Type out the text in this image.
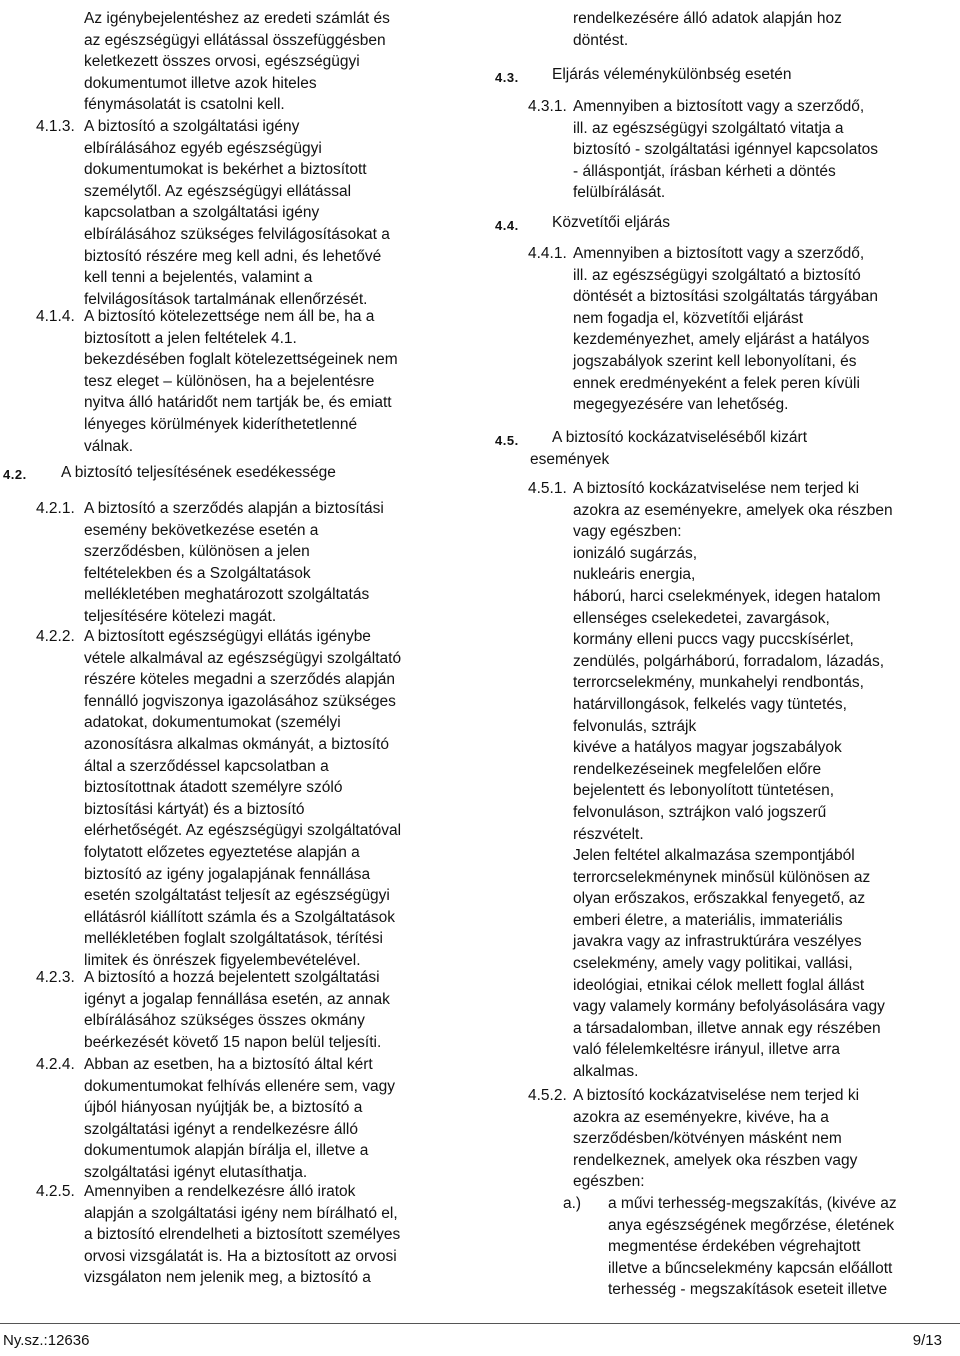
Az igénybejelentéshez az eredeti számlát és
az egészségügyi ellátással összefüggésben
keletkezett összes orvosi, egészségügyi
dokumentumot illetve azok hiteles
fénymásolatát is csatolni kell.
4.1.3. A biztosító a szolgáltatási igény
elbírálásához egyéb egészségügyi
dokumentumokat is bekérhet a biztosított
személytől. Az egészségügyi ellátással
kapcsolatban a szolgáltatási igény
elbírálásához szükséges felvilágosításokat a
biztosító részére meg kell adni, és lehetővé
kell tenni a bejelentés, valamint a
felvilágosítások tartalmának ellenőrzését.
4.1.4. A biztosító kötelezettsége nem áll be, ha a
biztosított a jelen feltételek 4.1.
bekezdésében foglalt kötelezettségeinek nem
tesz eleget – különösen, ha a bejelentésre
nyitva álló határidőt nem tartják be, és emiatt
lényeges körülmények kideríthetetlenné
válnak.
4.2. A biztosító teljesítésének esedékessége
4.2.1. A biztosító a szerződés alapján a biztosítási
esemény bekövetkezése esetén a
szerződésben, különösen a jelen
feltételekben és a Szolgáltatások
mellékletében meghatározott szolgáltatás
teljesítésére kötelezi magát.
4.2.2. A biztosított egészségügyi ellátás igénybe
vétele alkalmával az egészségügyi szolgáltató
részére köteles megadni a szerződés alapján
fennálló jogviszonya igazolásához szükséges
adatokat, dokumentumokat (személyi
azonosításra alkalmas okmányát, a biztosító
által a szerződéssel kapcsolatban a
biztosítottnak átadott személyre szóló
biztosítási kártyát) és a biztosító
elérhetőségét. Az egészségügyi szolgáltatóval
folytatott előzetes egyeztetése alapján a
biztosító az igény jogalapjának fennállása
esetén szolgáltatást teljesít az egészségügyi
ellátásról kiállított számla és a Szolgáltatások
mellékletében foglalt szolgáltatások, térítési
limitek és önrészek figyelembevételével.
4.2.3. A biztosító a hozzá bejelentett szolgáltatási
igényt a jogalap fennállása esetén, az annak
elbírálásához szükséges összes okmány
beérkezését követő 15 napon belül teljesíti.
4.2.4. Abban az esetben, ha a biztosító által kért
dokumentumokat felhívás ellenére sem, vagy
újból hiányosan nyújtják be, a biztosító a
szolgáltatási igényt a rendelkezésre álló
dokumentumok alapján bírálja el, illetve a
szolgáltatási igényt elutasíthatja.
4.2.5. Amennyiben a rendelkezésre álló iratok
alapján a szolgáltatási igény nem bírálható el,
a biztosító elrendelheti a biztosított személyes
orvosi vizsgálatát is. Ha a biztosított az orvosi
vizsgálaton nem jelenik meg, a biztosító a
rendelkezésére álló adatok alapján hoz
döntést.
4.3. Eljárás véleménykülönbség esetén
4.3.1. Amennyiben a biztosított vagy a szerződő,
ill. az egészségügyi szolgáltató vitatja a
biztosító - szolgáltatási igénnyel kapcsolatos
- álláspontját, írásban kérheti a döntés
felülbírálását.
4.4. Közvetítői eljárás
4.4.1. Amennyiben a biztosított vagy a szerződő,
ill. az egészségügyi szolgáltató a biztosító
döntését a biztosítási szolgáltatás tárgyában
nem fogadja el, közvetítői eljárást
kezdeményezhet, amely eljárást a hatályos
jogszabályok szerint kell lebonyolítani, és
ennek eredményeként a felek peren kívüli
megegyezésére van lehetőség.
4.5.	A biztosító kockázatviseléséből kizárt
események
4.5.1. A biztosító kockázatviselése nem terjed ki
azokra az eseményekre, amelyek oka részben
vagy egészben:
ionizáló sugárzás,
nukleáris energia,
háború, harci cselekmények, idegen hatalom
ellenséges cselekedetei, zavargások,
kormány elleni puccs vagy puccskísérlet,
zendülés, polgárháború, forradalom, lázadás,
terrorcselekmény, munkahelyi rendbontás,
határvillongások, felkelés vagy tüntetés,
felvonulás, sztrájk
kivéve a hatályos magyar jogszabályok
rendelkezéseinek megfelelően előre
bejelentett és lebonyolított tüntetésen,
felvonuláson, sztrájkon való jogszerű
részvételt.
Jelen feltétel alkalmazása szempontjából
terrorcselekménynek minősül különösen az
olyan erőszakos, erőszakkal fenyegető, az
emberi életre, a materiális, immateriális
javakra vagy az infrastruktúrára veszélyes
cselekmény, amely vagy politikai, vallási,
ideológiai, etnikai célok mellett foglal állást
vagy valamely kormány befolyásolására vagy
a társadalomban, illetve annak egy részében
való félelemkeltésre irányul, illetve arra
alkalmas.
4.5.2. A biztosító kockázatviselése nem terjed ki
azokra az eseményekre, kivéve, ha a
szerződésben/kötvényen másként nem
rendelkeznek, amelyek oka részben vagy
egészben:
a.) a művi terhesség-megszakítás, (kivéve az
anya egészségének megőrzése, életének
megmentése érdekében végrehajtott
illetve a bűncselekmény kapcsán előállott
terhesség - megszakítások eseteit illetve
Ny.sz.:12636	9/13
